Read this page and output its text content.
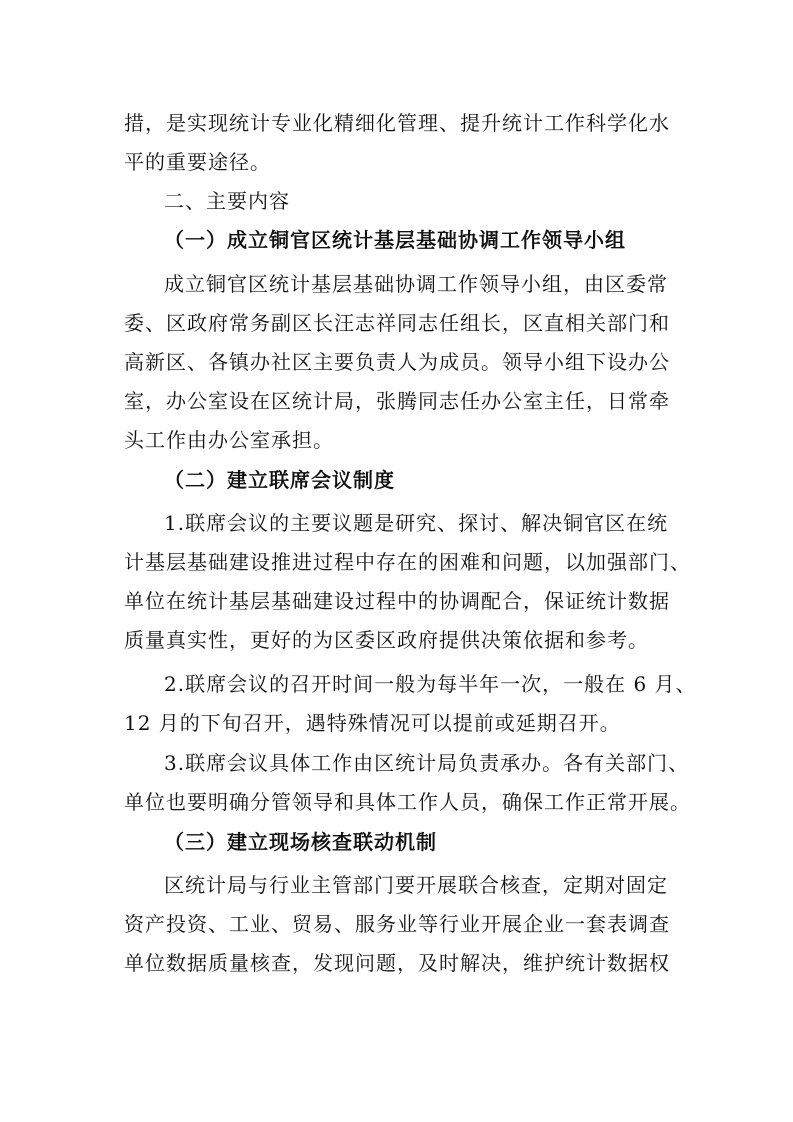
措，是实现统计专业化精细化管理、提升统计工作科学化水
平的重要途径。
二、主要内容
（一）成立铜官区统计基层基础协调工作领导小组
成立铜官区统计基层基础协调工作领导小组，由区委常
委、区政府常务副区长汪志祥同志任组长，区直相关部门和
高新区、各镇办社区主要负责人为成员。领导小组下设办公
室，办公室设在区统计局，张腾同志任办公室主任，日常牵
头工作由办公室承担。
（二）建立联席会议制度
1.联席会议的主要议题是研究、探讨、解决铜官区在统
计基层基础建设推进过程中存在的困难和问题，以加强部门、
单位在统计基层基础建设过程中的协调配合，保证统计数据
质量真实性，更好的为区委区政府提供决策依据和参考。
2.联席会议的召开时间一般为每半年一次，一般在 6 月、
12 月的下旬召开，遇特殊情况可以提前或延期召开。
3.联席会议具体工作由区统计局负责承办。各有关部门、
单位也要明确分管领导和具体工作人员，确保工作正常开展。
（三）建立现场核查联动机制
区统计局与行业主管部门要开展联合核查，定期对固定
资产投资、工业、贸易、服务业等行业开展企业一套表调查
单位数据质量核查，发现问题，及时解决，维护统计数据权
